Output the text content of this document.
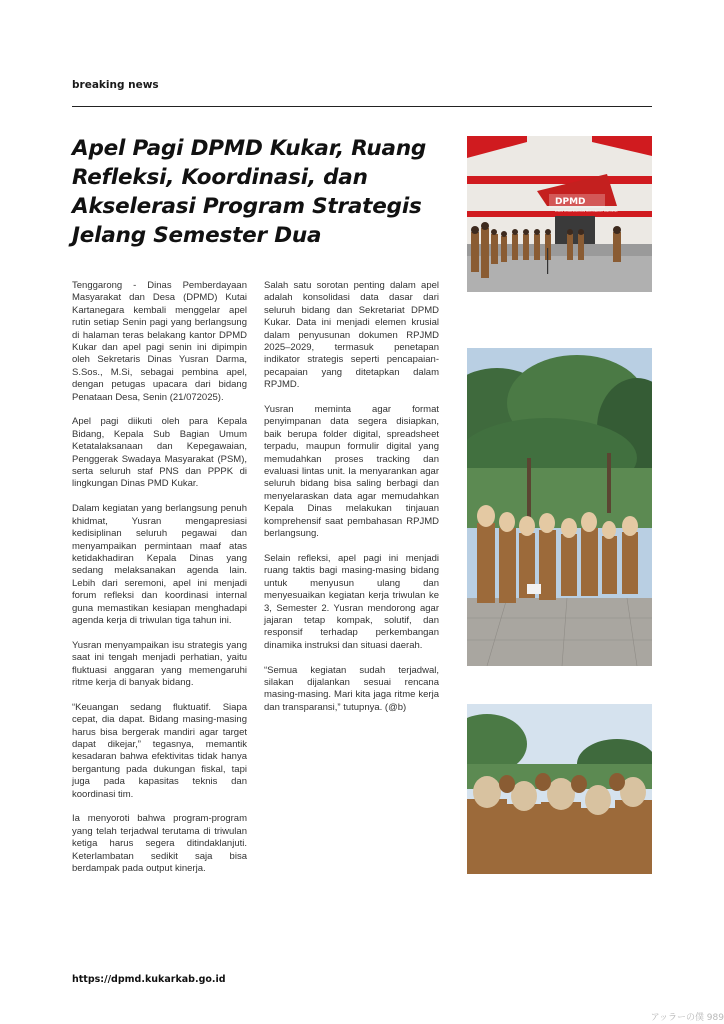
breaking news
Apel Pagi DPMD Kukar, Ruang Refleksi, Koordinasi, dan Akselerasi Program Strategis Jelang Semester Dua

Tenggarong - Dinas Pemberdayaan Masyarakat dan Desa (DPMD) Kutai Kartanegara kembali menggelar apel rutin setiap Senin pagi yang berlangsung di halaman teras belakang kantor DPMD Kukar dan apel pagi senin ini dipimpin oleh Sekretaris Dinas Yusran Darma, S.Sos., M.Si, sebagai pembina apel, dengan petugas upacara dari bidang Penataan Desa, Senin (21/072025).

Apel pagi diikuti oleh para Kepala Bidang, Kepala Sub Bagian Umum Ketatalaksanaan dan Kepegawaian, Penggerak Swadaya Masyarakat (PSM), serta seluruh staf PNS dan PPPK di lingkungan Dinas PMD Kukar.

Dalam kegiatan yang berlangsung penuh khidmat, Yusran mengapresiasi kedisiplinan seluruh pegawai dan menyampaikan permintaan maaf atas ketidakhadiran Kepala Dinas yang sedang melaksanakan agenda lain. Lebih dari seremoni, apel ini menjadi forum refleksi dan koordinasi internal guna memastikan kesiapan menghadapi agenda kerja di triwulan tiga tahun ini.

Yusran menyampaikan isu strategis yang saat ini tengah menjadi perhatian, yaitu fluktuasi anggaran yang memengaruhi ritme kerja di banyak bidang.

“Keuangan sedang fluktuatif. Siapa cepat, dia dapat. Bidang masing-masing harus bisa bergerak mandiri agar target dapat dikejar,” tegasnya, memantik kesadaran bahwa efektivitas tidak hanya bergantung pada dukungan fiskal, tapi juga pada kapasitas teknis dan koordinasi tim.

Ia menyoroti bahwa program-program yang telah terjadwal terutama di triwulan ketiga harus segera ditindaklanjuti. Keterlambatan sedikit saja bisa berdampak pada output kinerja.

Salah satu sorotan penting dalam apel adalah konsolidasi data dasar dari seluruh bidang dan Sekretariat DPMD Kukar. Data ini menjadi elemen krusial dalam penyusunan dokumen RPJMD 2025–2029, termasuk penetapan indikator strategis seperti pencapaian-pecapaian yang ditetapkan dalam RPJMD.

Yusran meminta agar format penyimpanan data segera disiapkan, baik berupa folder digital, spreadsheet terpadu, maupun formulir digital yang memudahkan proses tracking dan evaluasi lintas unit. Ia menyarankan agar seluruh bidang bisa saling berbagi dan menyelaraskan data agar memudahkan Kepala Dinas melakukan tinjauan komprehensif saat pembahasan RPJMD berlangsung.

Selain refleksi, apel pagi ini menjadi ruang taktis bagi masing-masing bidang untuk menyusun ulang dan menyesuaikan kegiatan kerja triwulan ke 3, Semester 2. Yusran mendorong agar jajaran tetap kompak, solutif, dan responsif terhadap perkembangan dinamika instruksi dan situasi daerah.

“Semua kegiatan sudah terjadwal, silakan dijalankan sesuai rencana masing-masing. Mari kita jaga ritme kerja dan transparansi,” tutupnya. (@b)

DPMD
DINAS PEMBERDAYAAN MASYARAKAT DAN DESA
https://dpmd.kukarkab.go.id
アッラーの僕 989
